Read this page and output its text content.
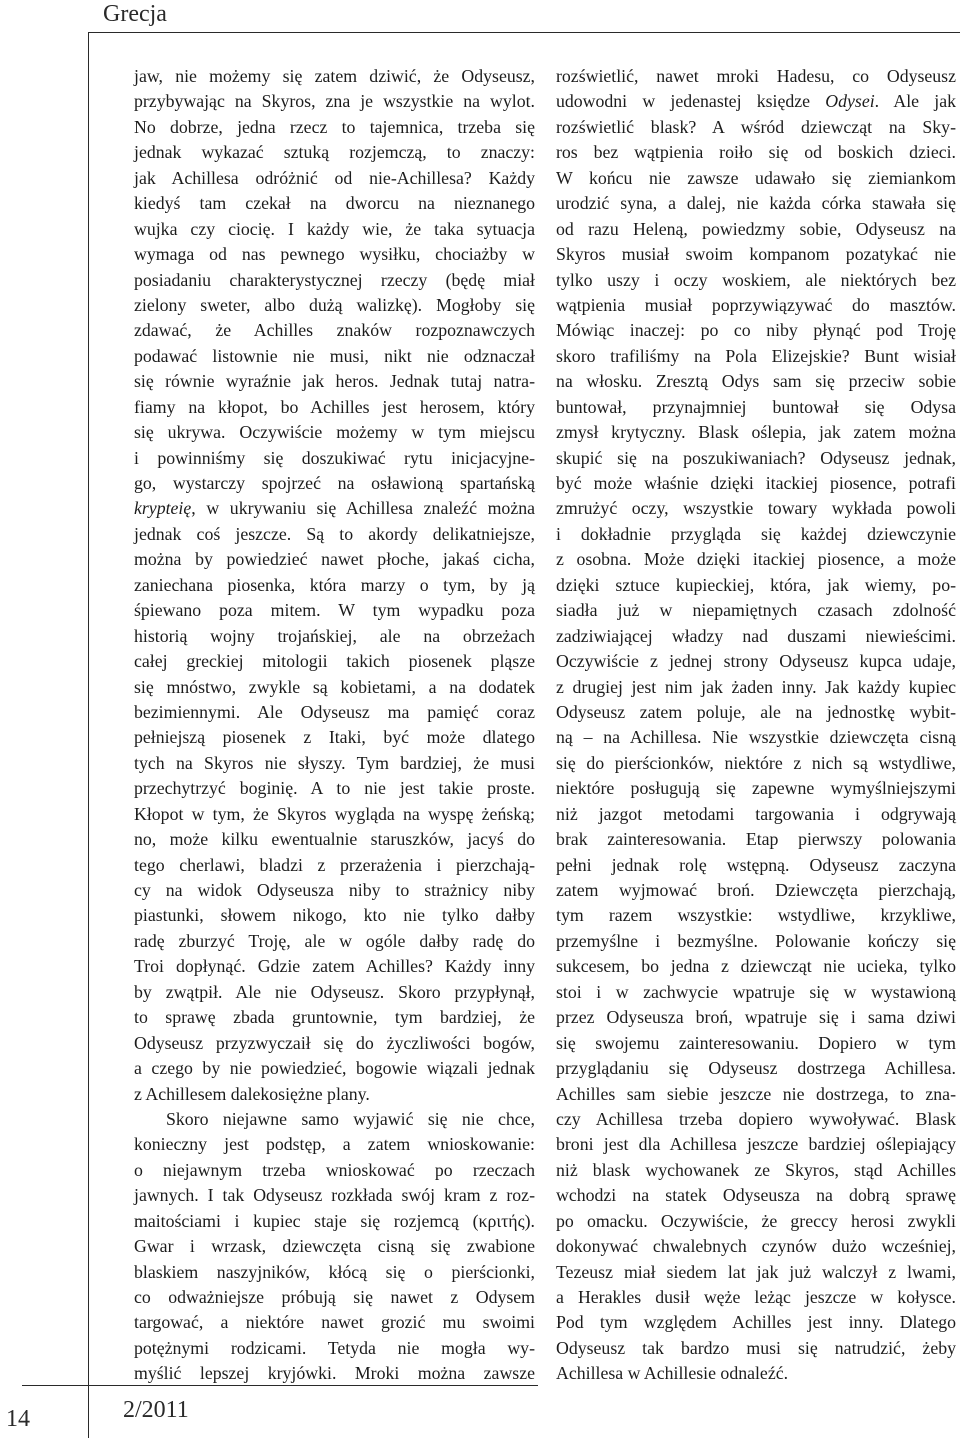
Grecja
jaw, nie możemy się zatem dziwić, że Odyseusz,
przybywając na Skyros, zna je wszystkie na wylot.
No dobrze, jedna rzecz to tajemnica, trzeba się
jednak wykazać sztuką rozjemczą, to znaczy:
jak Achillesa odróżnić od nie-Achillesa? Każdy
kiedyś tam czekał na dworcu na nieznanego
wujka czy ciocię. I każdy wie, że taka sytuacja
wymaga od nas pewnego wysiłku, chociażby w
posiadaniu charakterystycznej rzeczy (będę miał
zielony sweter, albo dużą walizkę). Mogłoby się
zdawać, że Achilles znaków rozpoznawczych
podawać listownie nie musi, nikt nie odznaczał
się równie wyraźnie jak heros. Jednak tutaj natra-
fiamy na kłopot, bo Achilles jest herosem, który
się ukrywa. Oczywiście możemy w tym miejscu
i powinniśmy się doszukiwać rytu inicjacyjne-
go, wystarczy spojrzeć na osławioną spartańską
krypteię, w ukrywaniu się Achillesa znaleźć można
jednak coś jeszcze. Są to akordy delikatniejsze,
można by powiedzieć nawet płoche, jakaś cicha,
zaniechana piosenka, która marzy o tym, by ją
śpiewano poza mitem. W tym wypadku poza
historią wojny trojańskiej, ale na obrzeżach
całej greckiej mitologii takich piosenek pląsze
się mnóstwo, zwykle są kobietami, a na dodatek
bezimiennymi. Ale Odyseusz ma pamięć coraz
pełniejszą piosenek z Itaki, być może dlatego
tych na Skyros nie słyszy. Tym bardziej, że musi
przechytrzyć boginię. A to nie jest takie proste.
Kłopot w tym, że Skyros wygląda na wyspę żeńską;
no, może kilku ewentualnie staruszków, jacyś do
tego cherlawi, bladzi z przerażenia i pierzchają-
cy na widok Odyseusza niby to strażnicy niby
piastunki, słowem nikogo, kto nie tylko dałby
radę zburzyć Troję, ale w ogóle dałby radę do
Troi dopłynąć. Gdzie zatem Achilles? Każdy inny
by zwątpił. Ale nie Odyseusz. Skoro przypłynął,
to sprawę zbada gruntownie, tym bardziej, że
Odyseusz przyzwyczaił się do życzliwości bogów,
a czego by nie powiedzieć, bogowie wiązali jednak
z Achillesem dalekosiężne plany.
Skoro niejawne samo wyjawić się nie chce,
konieczny jest podstęp, a zatem wnioskowanie:
o niejawnym trzeba wnioskować po rzeczach
jawnych. I tak Odyseusz rozkłada swój kram z roz-
maitościami i kupiec staje się rozjemcą (κριτής).
Gwar i wrzask, dziewczęta cisną się zwabione
blaskiem naszyjników, kłócą się o pierścionki,
co odważniejsze próbują się nawet z Odysem
targować, a niektóre nawet grozić mu swoimi
potężnymi rodzicami. Tetyda nie mogła wy-
myślić lepszej kryjówki. Mroki można zawsze
rozświetlić, nawet mroki Hadesu, co Odyseusz
udowodni w jedenastej księdze Odysei. Ale jak
rozświetlić blask? A wśród dziewcząt na Sky-
ros bez wątpienia roiło się od boskich dzieci.
W końcu nie zawsze udawało się ziemiankom
urodzić syna, a dalej, nie każda córka stawała się
od razu Heleną, powiedzmy sobie, Odyseusz na
Skyros musiał swoim kompanom pozatykać nie
tylko uszy i oczy woskiem, ale niektórych bez
wątpienia musiał poprzywiązywać do masztów.
Mówiąc inaczej: po co niby płynąć pod Troję
skoro trafiliśmy na Pola Elizejskie? Bunt wisiał
na włosku. Zresztą Odys sam się przeciw sobie
buntował, przynajmniej buntował się Odysa
zmysł krytyczny. Blask oślepia, jak zatem można
skupić się na poszukiwaniach? Odyseusz jednak,
być może właśnie dzięki itackiej piosence, potrafi
zmrużyć oczy, wszystkie towary wykłada powoli
i dokładnie przygląda się każdej dziewczynie
z osobna. Może dzięki itackiej piosence, a może
dzięki sztuce kupieckiej, która, jak wiemy, po-
siadła już w niepamiętnych czasach zdolność
zadziwiającej władzy nad duszami niewieścimi.
Oczywiście z jednej strony Odyseusz kupca udaje,
z drugiej jest nim jak żaden inny. Jak każdy kupiec
Odyseusz zatem poluje, ale na jednostkę wybit-
ną – na Achillesa. Nie wszystkie dziewczęta cisną
się do pierścionków, niektóre z nich są wstydliwe,
niektóre posługują się zapewne wymyślniejszymi
niż jazgot metodami targowania i odgrywają
brak zainteresowania. Etap pierwszy polowania
pełni jednak rolę wstępną. Odyseusz zaczyna
zatem wyjmować broń. Dziewczęta pierzchają,
tym razem wszystkie: wstydliwe, krzykliwe,
przemyślne i bezmyślne. Polowanie kończy się
sukcesem, bo jedna z dziewcząt nie ucieka, tylko
stoi i w zachwycie wpatruje się w wystawioną
przez Odyseusza broń, wpatruje się i sama dziwi
się swojemu zainteresowaniu. Dopiero w tym
przyglądaniu się Odyseusz dostrzega Achillesa.
Achilles sam siebie jeszcze nie dostrzega, to zna-
czy Achillesa trzeba dopiero wywoływać. Blask
broni jest dla Achillesa jeszcze bardziej oślepiający
niż blask wychowanek ze Skyros, stąd Achilles
wchodzi na statek Odyseusza na dobrą sprawę
po omacku. Oczywiście, że greccy herosi zwykli
dokonywać chwalebnych czynów dużo wcześniej,
Tezeusz miał siedem lat jak już walczył z lwami,
a Herakles dusił węże leżąc jeszcze w kołysce.
Pod tym względem Achilles jest inny. Dlatego
Odyseusz tak bardzo musi się natrudzić, żeby
Achillesa w Achillesie odnaleźć.
14	2/2011
